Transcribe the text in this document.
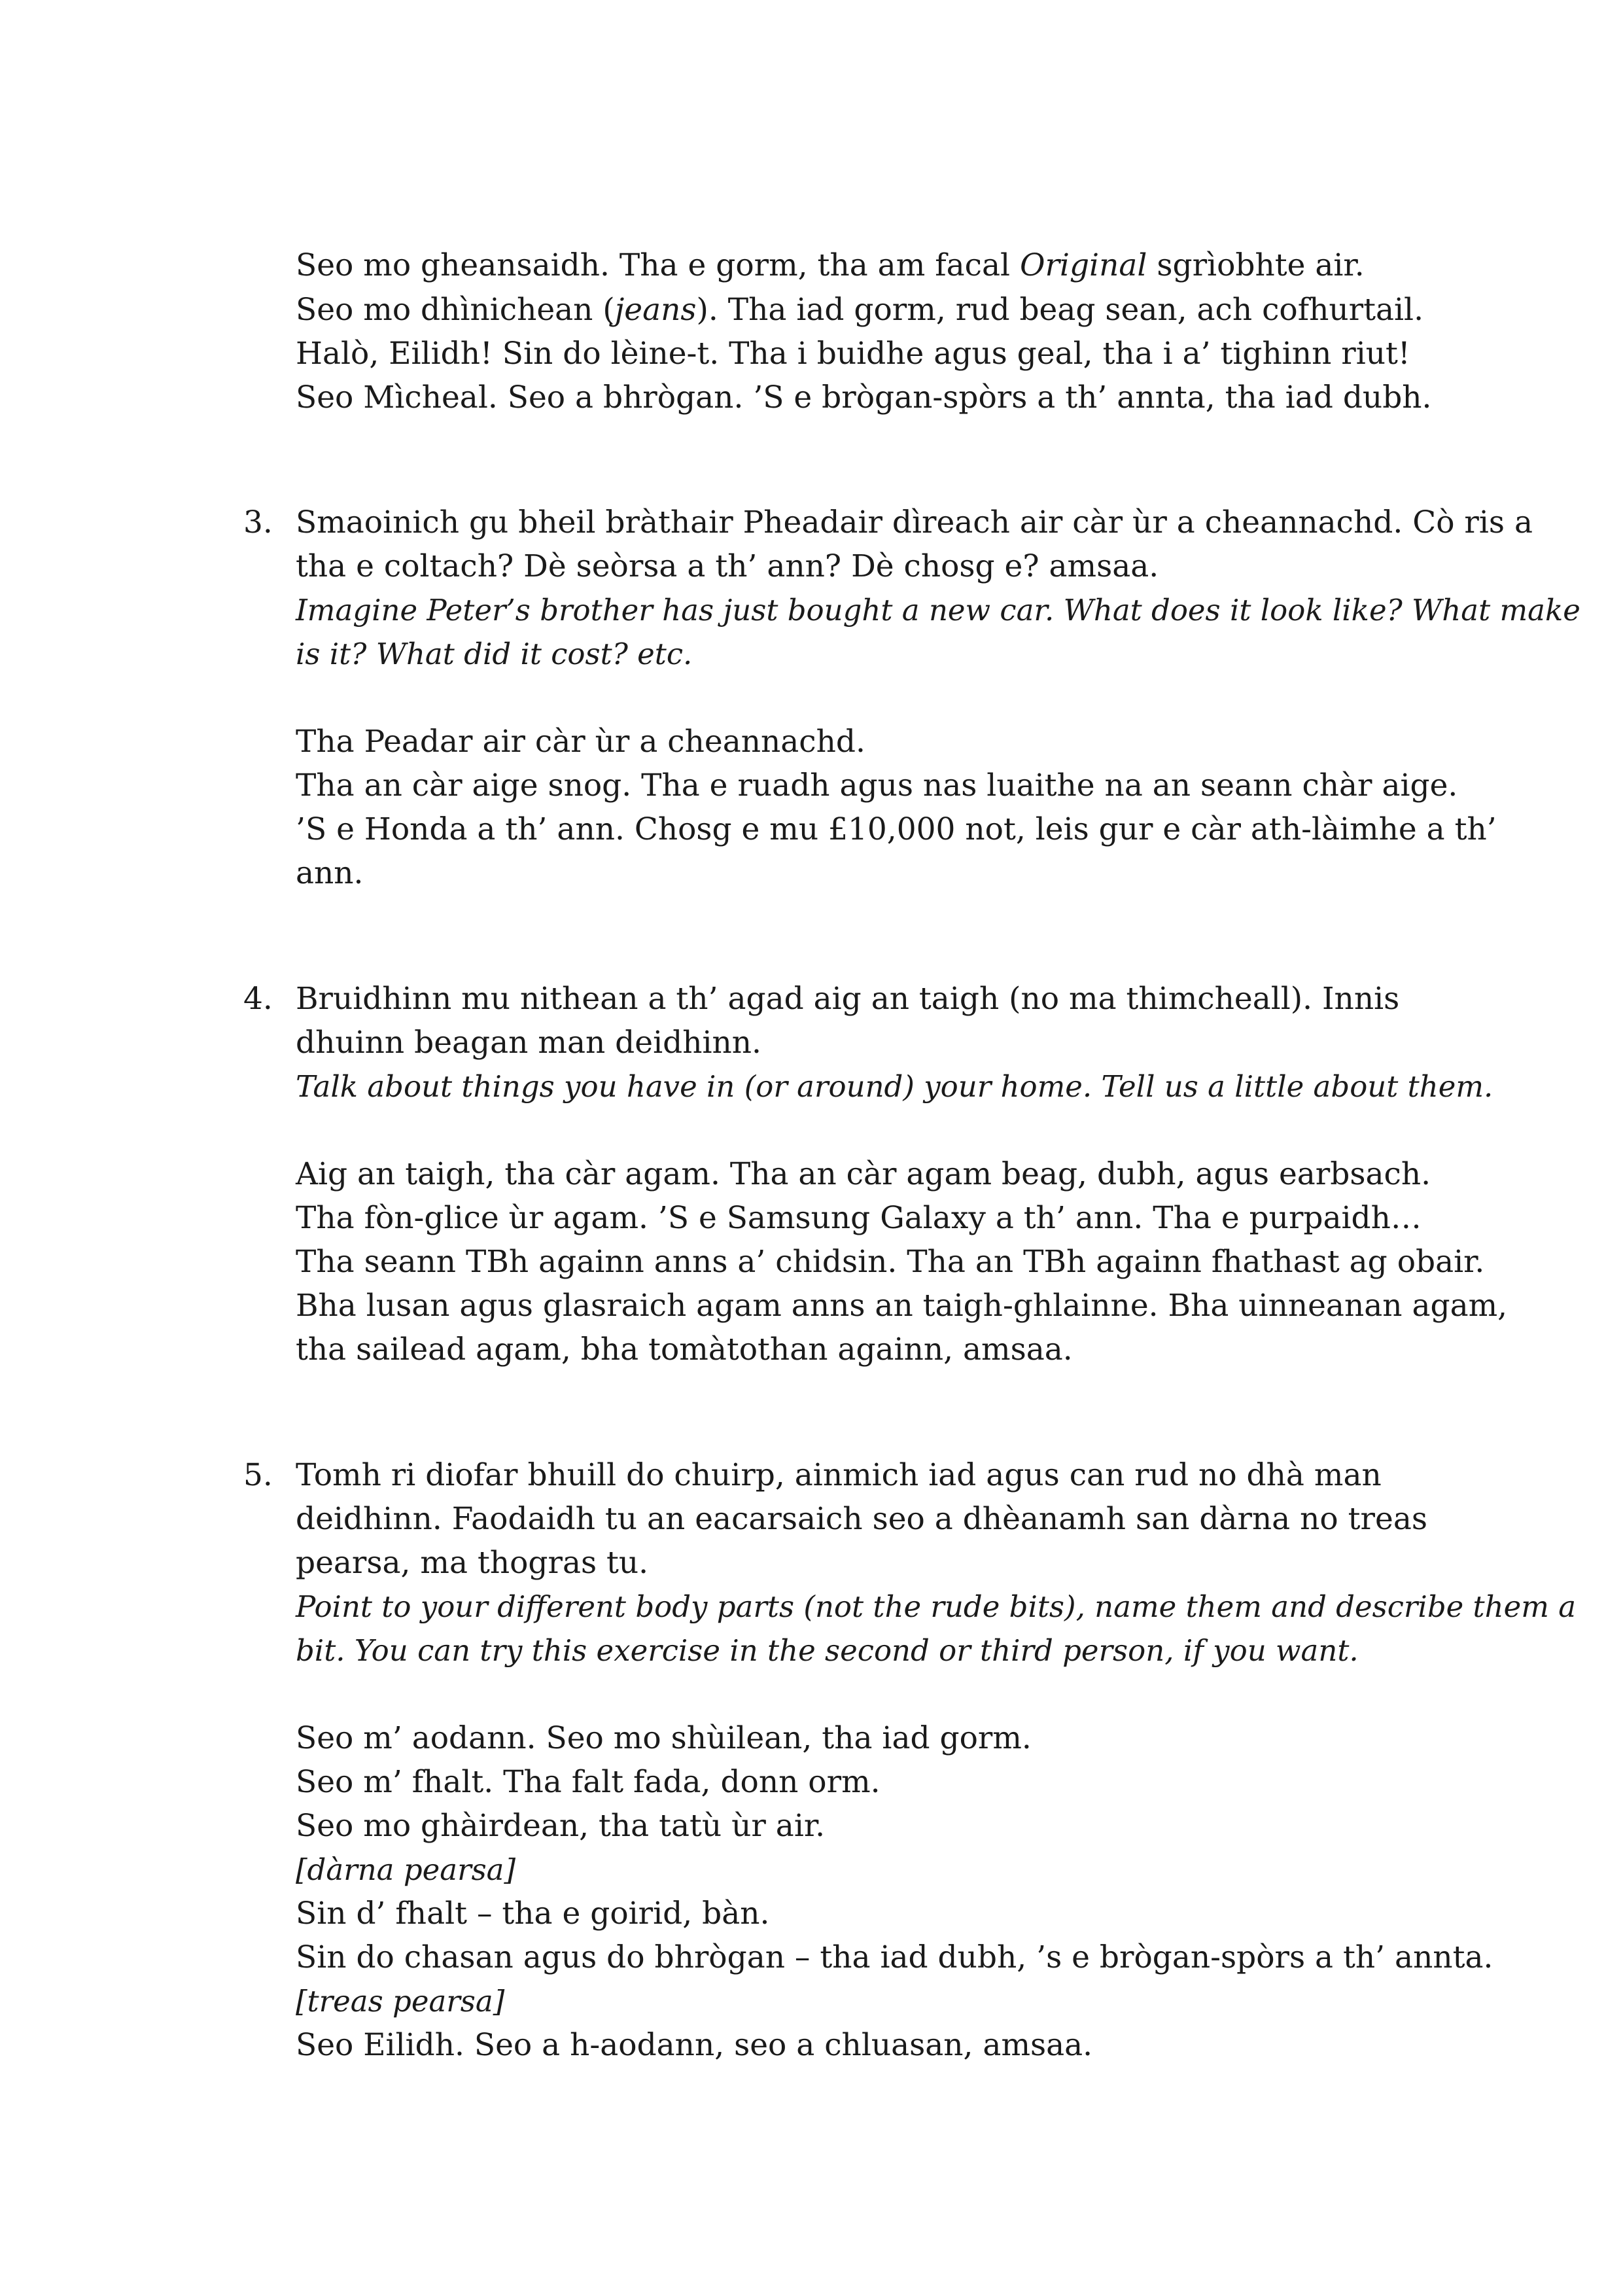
Seo mo gheansaidh. Tha e gorm, tha am facal Original sgrìobhte air.
Seo mo dhìnichean (jeans). Tha iad gorm, rud beag sean, ach cofhurtail.
Halò, Eilidh! Sin do lèine-t. Tha i buidhe agus geal, tha i a’ tighinn riut!
Seo Mìcheal. Seo a bhrògan. ’S e brògan-spòrs a th’ annta, tha iad dubh.
3. Smaoinich gu bheil bràthair Pheadair dìreach air càr ùr a cheannachd. Cò ris a
tha e coltach? Dè seòrsa a th’ ann? Dè chosg e? amsaa.
Imagine Peter’s brother has just bought a new car. What does it look like? What make
is it? What did it cost? etc.
Tha Peadar air càr ùr a cheannachd.
Tha an càr aige snog. Tha e ruadh agus nas luaithe na an seann chàr aige.
’S e Honda a th’ ann. Chosg e mu £10,000 not, leis gur e càr ath-làimhe a th’
ann.
4. Bruidhinn mu nithean a th’ agad aig an taigh (no ma thimcheall). Innis
dhuinn beagan man deidhinn.
Talk about things you have in (or around) your home. Tell us a little about them.
Aig an taigh, tha càr agam. Tha an càr agam beag, dubh, agus earbsach.
Tha fòn-glice ùr agam. ’S e Samsung Galaxy a th’ ann. Tha e purpaidh…
Tha seann TBh againn anns a’ chidsin. Tha an TBh againn fhathast ag obair.
Bha lusan agus glasraich agam anns an taigh-ghlainne. Bha uinneanan agam,
tha sailead agam, bha tomàtothan againn, amsaa.
5. Tomh ri diofar bhuill do chuirp, ainmich iad agus can rud no dhà man
deidhinn. Faodaidh tu an eacarsaich seo a dhèanamh san dàrna no treas
pearsa, ma thogras tu.
Point to your different body parts (not the rude bits), name them and describe them a
bit. You can try this exercise in the second or third person, if you want.
Seo m’ aodann. Seo mo shùilean, tha iad gorm.
Seo m’ fhalt. Tha falt fada, donn orm.
Seo mo ghàirdean, tha tatù ùr air.
[dàrna pearsa]
Sin d’ fhalt – tha e goirid, bàn.
Sin do chasan agus do bhrògan – tha iad dubh, ’s e brògan-spòrs a th’ annta.
[treas pearsa]
Seo Eilidh. Seo a h-aodann, seo a chluasan, amsaa.
